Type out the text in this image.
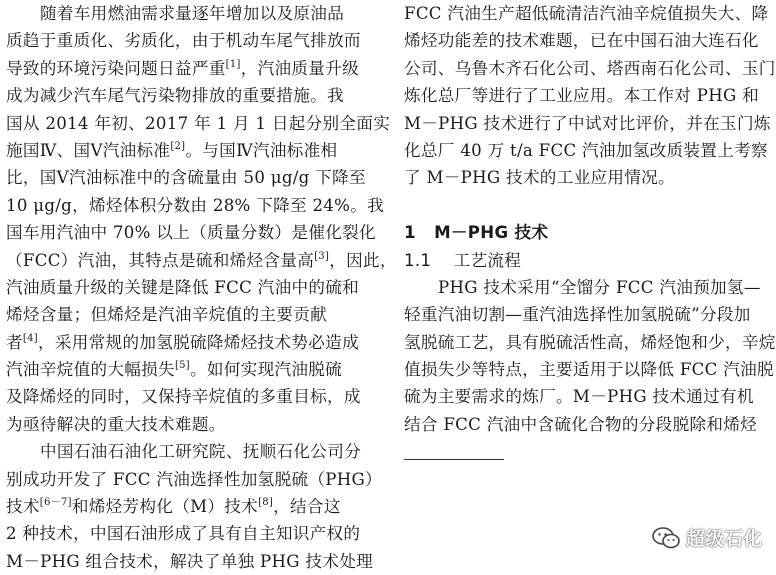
随着车用燃油需求量逐年增加以及原油品
质趋于重质化、劣质化，由于机动车尾气排放而
导致的环境污染问题日益严重[1]，汽油质量升级
成为减少汽车尾气污染物排放的重要措施。我
国从 2014 年初、2017 年 1 月 1 日起分别全面实
施国Ⅳ、国Ⅴ汽油标准[2]。与国Ⅳ汽油标准相
比，国Ⅴ汽油标准中的含硫量由 50 μg/g 下降至
10 μg/g，烯烃体积分数由 28% 下降至 24%。我
国车用汽油中 70% 以上（质量分数）是催化裂化
（FCC）汽油，其特点是硫和烯烃含量高[3]，因此，
汽油质量升级的关键是降低 FCC 汽油中的硫和
烯烃含量；但烯烃是汽油辛烷值的主要贡献
者[4]，采用常规的加氢脱硫降烯烃技术势必造成
汽油辛烷值的大幅损失[5]。如何实现汽油脱硫
及降烯烃的同时，又保持辛烷值的多重目标，成
为亟待解决的重大技术难题。
中国石油石油化工研究院、抚顺石化公司分
别成功开发了 FCC 汽油选择性加氢脱硫（PHG）
技术[6－7]和烯烃芳构化（M）技术[8]，结合这
2 种技术，中国石油形成了具有自主知识产权的
M－PHG 组合技术，解决了单独 PHG 技术处理
FCC 汽油生产超低硫清洁汽油辛烷值损失大、降
烯烃功能差的技术难题，已在中国石油大连石化
公司、乌鲁木齐石化公司、塔西南石化公司、玉门
炼化总厂等进行了工业应用。本工作对 PHG 和
M－PHG 技术进行了中试对比评价，并在玉门炼
化总厂 40 万 t/a FCC 汽油加氢改质装置上考察
了 M－PHG 技术的工业应用情况。
1 M－PHG 技术
1.1 工艺流程
PHG 技术采用“全馏分 FCC 汽油预加氢—
轻重汽油切割—重汽油选择性加氢脱硫”分段加
氢脱硫工艺，具有脱硫活性高，烯烃饱和少，辛烷
值损失少等特点，主要适用于以降低 FCC 汽油脱
硫为主要需求的炼厂。M－PHG 技术通过有机
结合 FCC 汽油中含硫化合物的分段脱除和烯烃
超级石化
